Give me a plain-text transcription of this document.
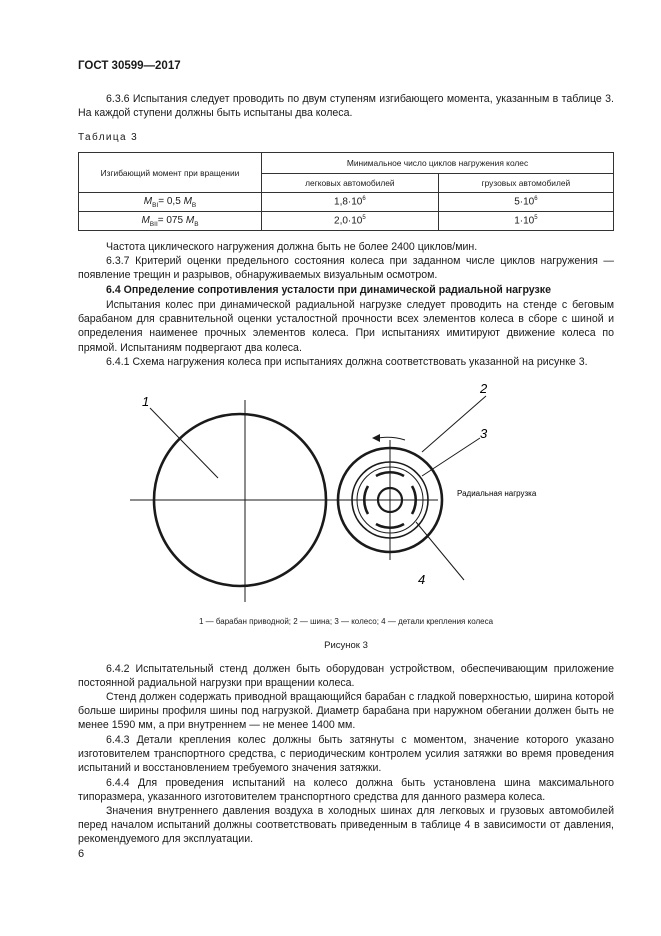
ГОСТ 30599—2017

6.3.6 Испытания следует проводить по двум ступеням изгибающего момента, указанным в таблице 3. На каждой ступени должны быть испытаны два колеса.

Таблица 3
Изгибающий момент при вращении	Минимальное число циклов нагружения колес	
	легковых автомобилей	грузовых автомобилей
$M_{BI}= 0,5$ $M_B$	$1,8\cdot 10^6$	$5\cdot 10^6$
$M_{BII}= 075$ $M_B$	$2,0\cdot 10^5$	$1\cdot 10^5$

Частота циклического нагружения должна быть не более 2400 циклов/мин.

6.3.7 Критерий оценки предельного состояния колеса при заданном числе циклов нагружения — появление трещин и разрывов, обнаруживаемых визуальным осмотром.

6.4 Определение сопротивления усталости при динамической радиальной нагрузке

Испытания колес при динамической радиальной нагрузке следует проводить на стенде с беговым барабаном для сравнительной оценки усталостной прочности всех элементов колеса в сборе с шиной и определения наименее прочных элементов колеса. При испытаниях имитируют движение колеса по прямой. Испытаниям подвергают два колеса.

6.4.1 Схема нагружения колеса при испытаниях должна соответствовать указанной на рисунке 3.

1
2
3
4
Радиальная нагрузка
1 — барабан приводной; 2 — шина; 3 — колесо; 4 — детали крепления колеса
Рисунок 3

6.4.2 Испытательный стенд должен быть оборудован устройством, обеспечивающим приложение постоянной радиальной нагрузки при вращении колеса.

Стенд должен содержать приводной вращающийся барабан с гладкой поверхностью, ширина которой больше ширины профиля шины под нагрузкой. Диаметр барабана при наружном обегании должен быть не менее 1590 мм, а при внутреннем — не менее 1400 мм.

6.4.3 Детали крепления колес должны быть затянуты с моментом, значение которого указано изготовителем транспортного средства, с периодическим контролем усилия затяжки во время проведения испытаний и восстановлением требуемого значения затяжки.

6.4.4 Для проведения испытаний на колесо должна быть установлена шина максимального типоразмера, указанного изготовителем транспортного средства для данного размера колеса.

Значения внутреннего давления воздуха в холодных шинах для легковых и грузовых автомобилей перед началом испытаний должны соответствовать приведенным в таблице 4 в зависимости от давления, рекомендуемого для эксплуатации.

6
